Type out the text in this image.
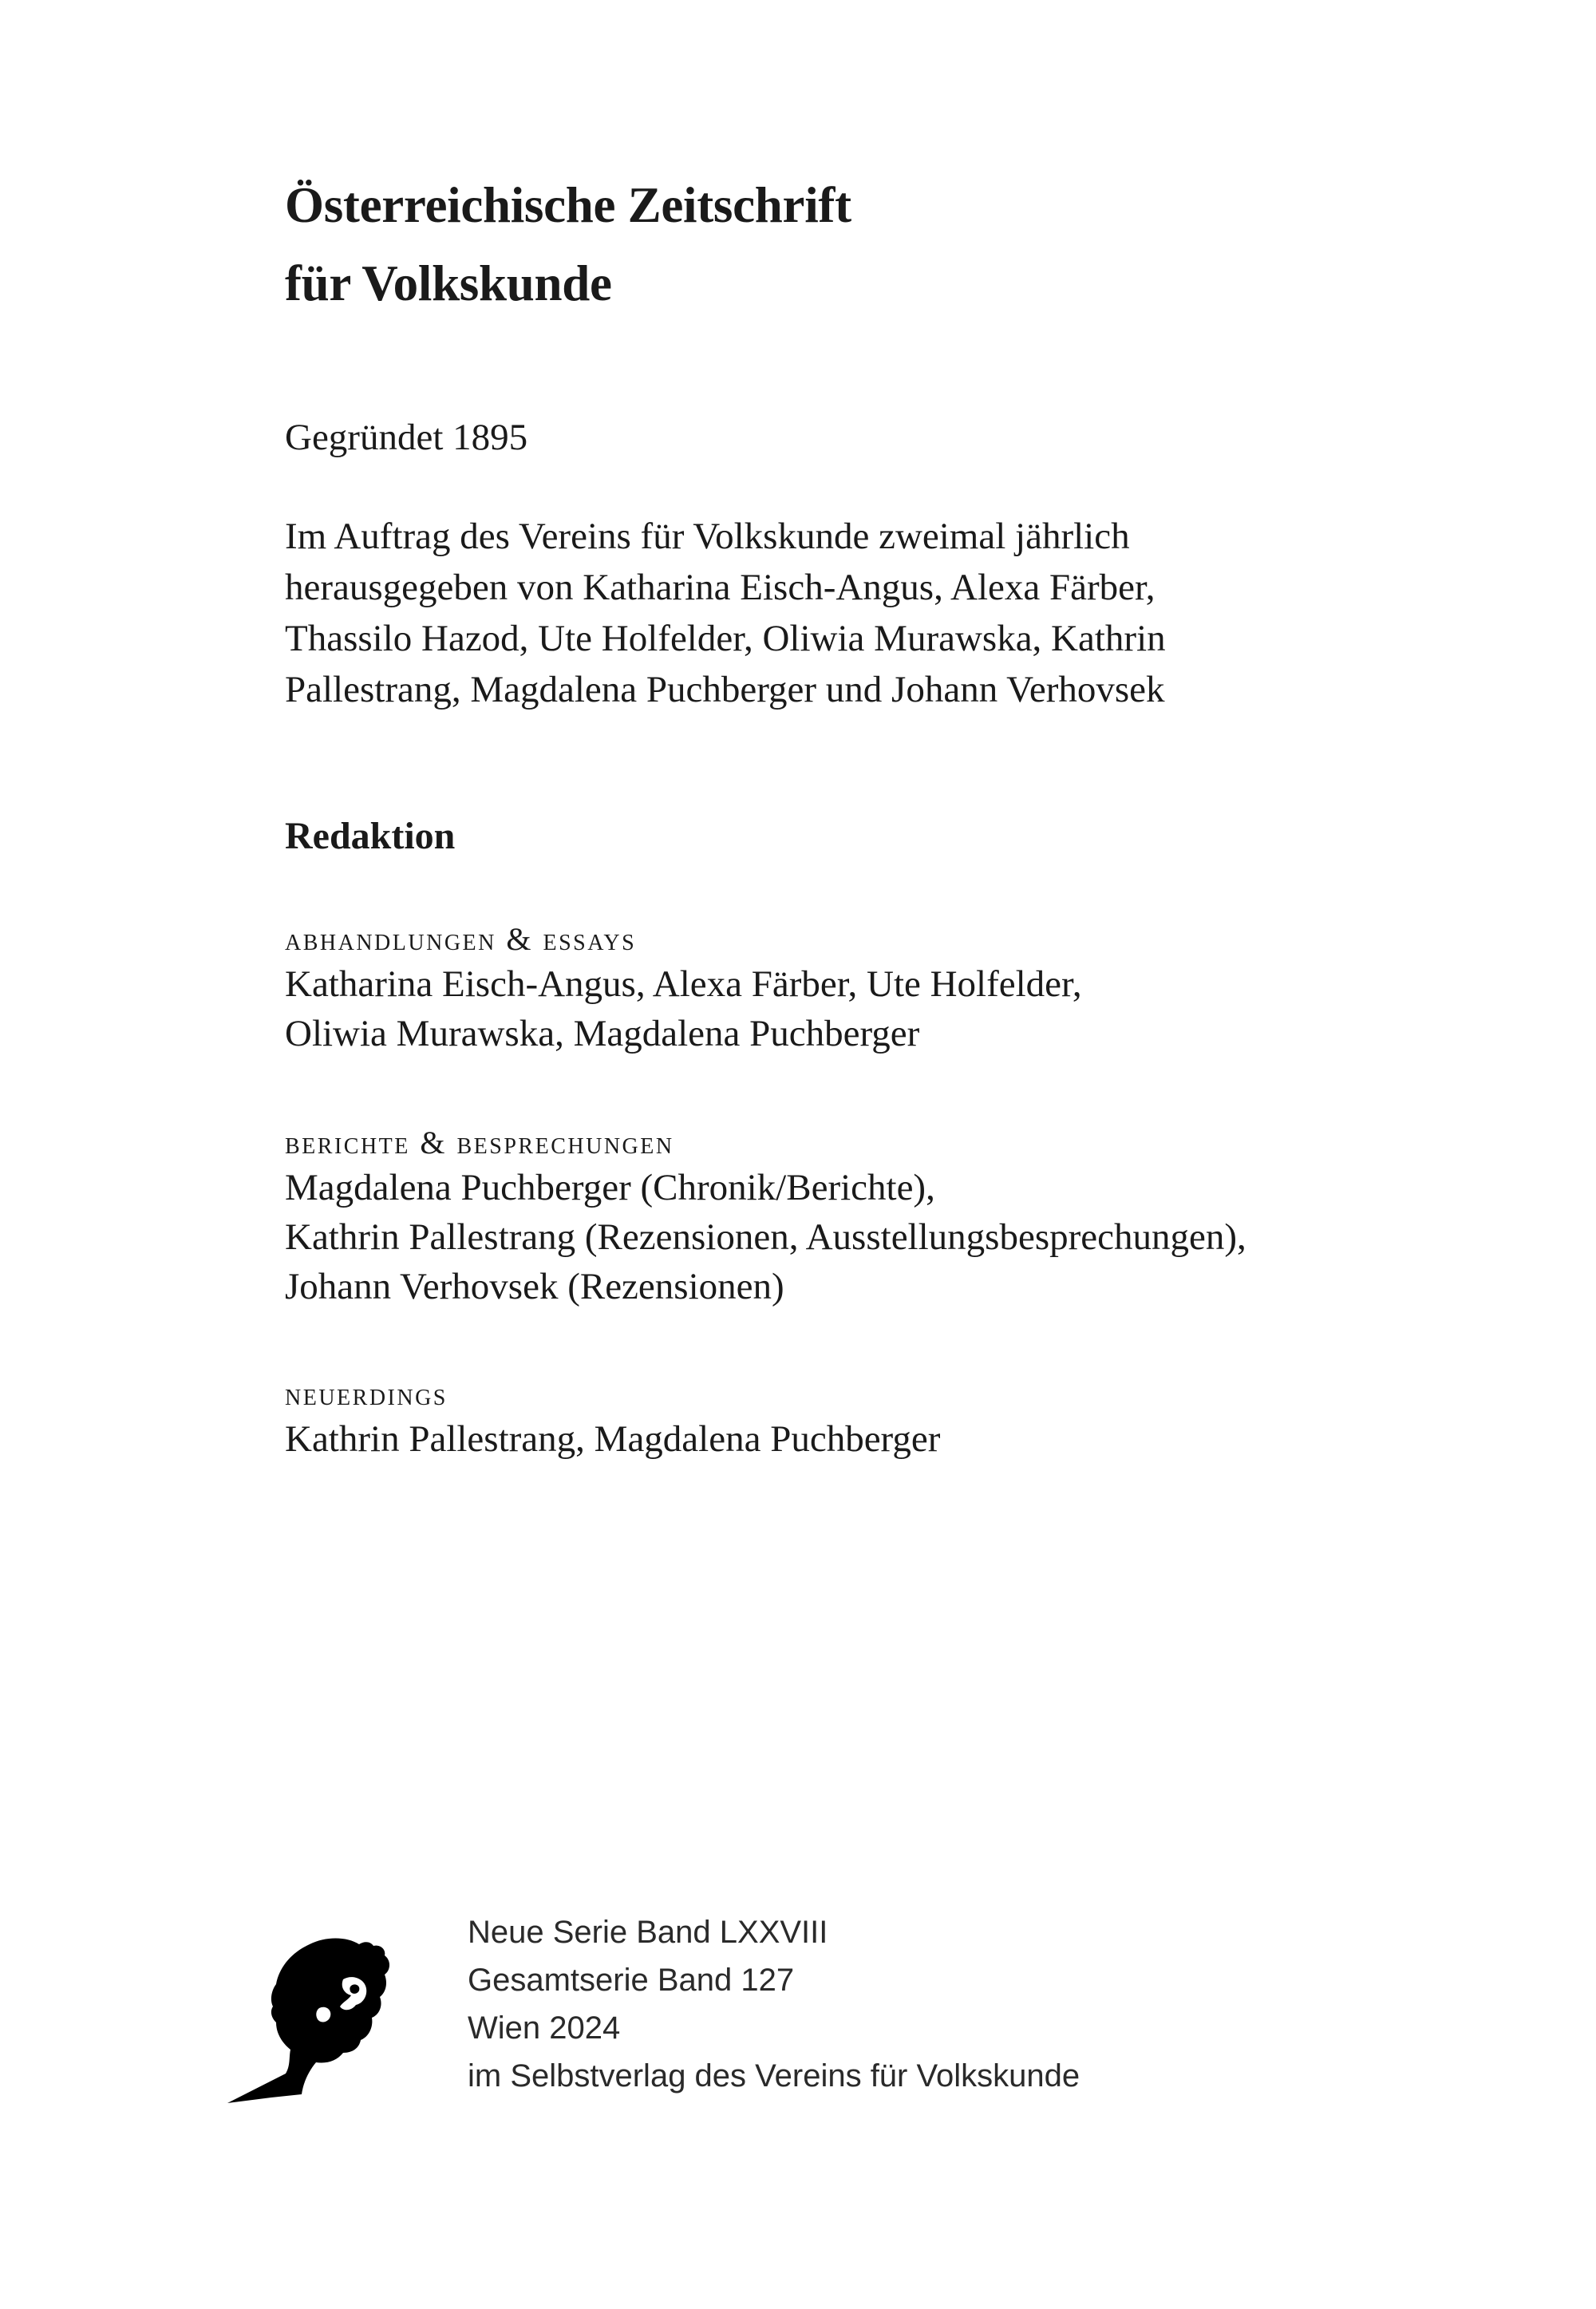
Österreichische Zeitschrift
für Volkskunde

Gegründet 1895

Im Auftrag des Vereins für Volkskunde zweimal jährlich
herausgegeben von Katharina Eisch-Angus, Alexa Färber,
Thassilo Hazod, Ute Holfelder, Oliwia Murawska, Kathrin
Pallestrang, Magdalena Puchberger und Johann Verhovsek

Redaktion

abhandlungen & essays

Katharina Eisch-Angus, Alexa Färber, Ute Holfelder,
Oliwia Murawska, Magdalena Puchberger

berichte & besprechungen

Magdalena Puchberger (Chronik/Berichte),
Kathrin Pallestrang (Rezensionen, Ausstellungsbesprechungen),
Johann Verhovsek (Rezensionen)

neuerdings

Kathrin Pallestrang, Magdalena Puchberger
Neue Serie Band LXXVIII
Gesamtserie Band 127
Wien 2024
im Selbstverlag des Vereins für Volkskunde
